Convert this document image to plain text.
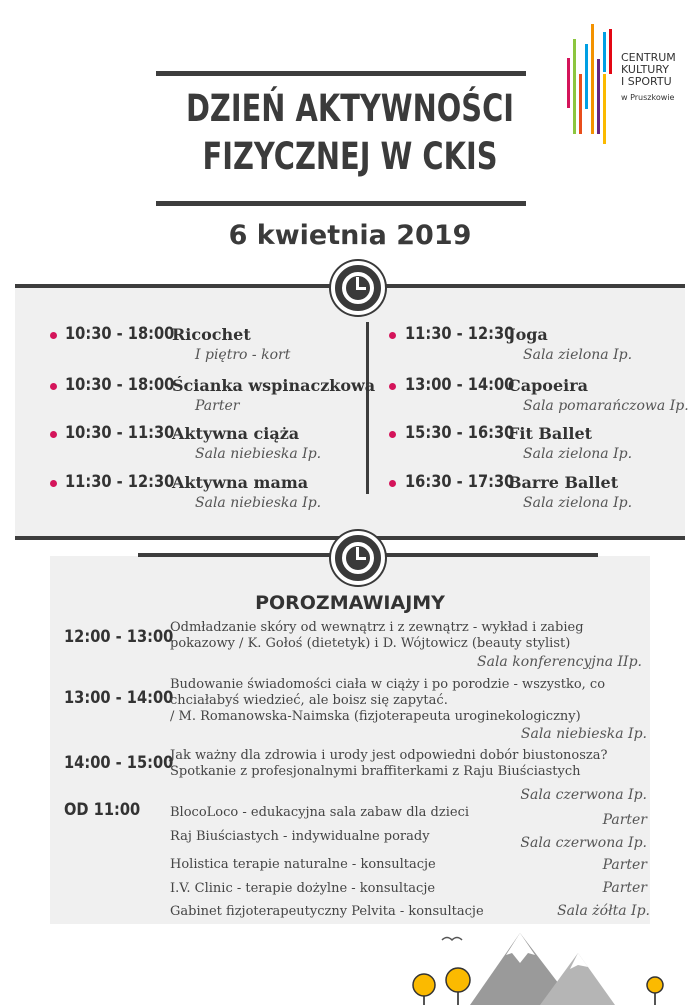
CENTRUM
KULTURY
I SPORTU
w Pruszkowie
DZIEŃ AKTYWNOŚCI
FIZYCZNEJ W CKIS
6 kwietnia 2019
10:30 - 18:00
Ricochet
I piętro - kort
10:30 - 18:00
Ścianka wspinaczkowa
Parter
10:30 - 11:30
Aktywna ciąża
Sala niebieska Ip.
11:30 - 12:30
Aktywna mama
Sala niebieska Ip.
11:30 - 12:30
Joga
Sala zielona Ip.
13:00 - 14:00
Capoeira
Sala pomarańczowa Ip.
15:30 - 16:30
Fit Ballet
Sala zielona Ip.
16:30 - 17:30
Barre Ballet
Sala zielona Ip.
POROZMAWIAJMY
12:00 - 13:00
Odmładzanie skóry od wewnątrz i z zewnątrz - wykład i zabieg
pokazowy / K. Gołoś (dietetyk) i D. Wójtowicz (beauty stylist)
Sala konferencyjna IIp.
13:00 - 14:00
Budowanie świadomości ciała w ciąży i po porodzie - wszystko, co
chciałabyś wiedzieć, ale boisz się zapytać.
/ M. Romanowska-Naimska (fizjoterapeuta uroginekologiczny)
Sala niebieska Ip.
14:00 - 15:00
Jak ważny dla zdrowia i urody jest odpowiedni dobór biustonosza?
Spotkanie z profesjonalnymi braffiterkami z Raju Biuściastych
Sala czerwona Ip.
OD 11:00 BlocoLoco - edukacyjna sala zabaw dla dzieci	Parter
Raj Biuściastych - indywidualne porady	Sala czerwona Ip.
Holistica terapie naturalne - konsultacje	Parter
I.V. Clinic - terapie dożylne - konsultacje	Parter
Gabinet fizjoterapeutyczny Pelvita - konsultacje	Sala żółta Ip.
